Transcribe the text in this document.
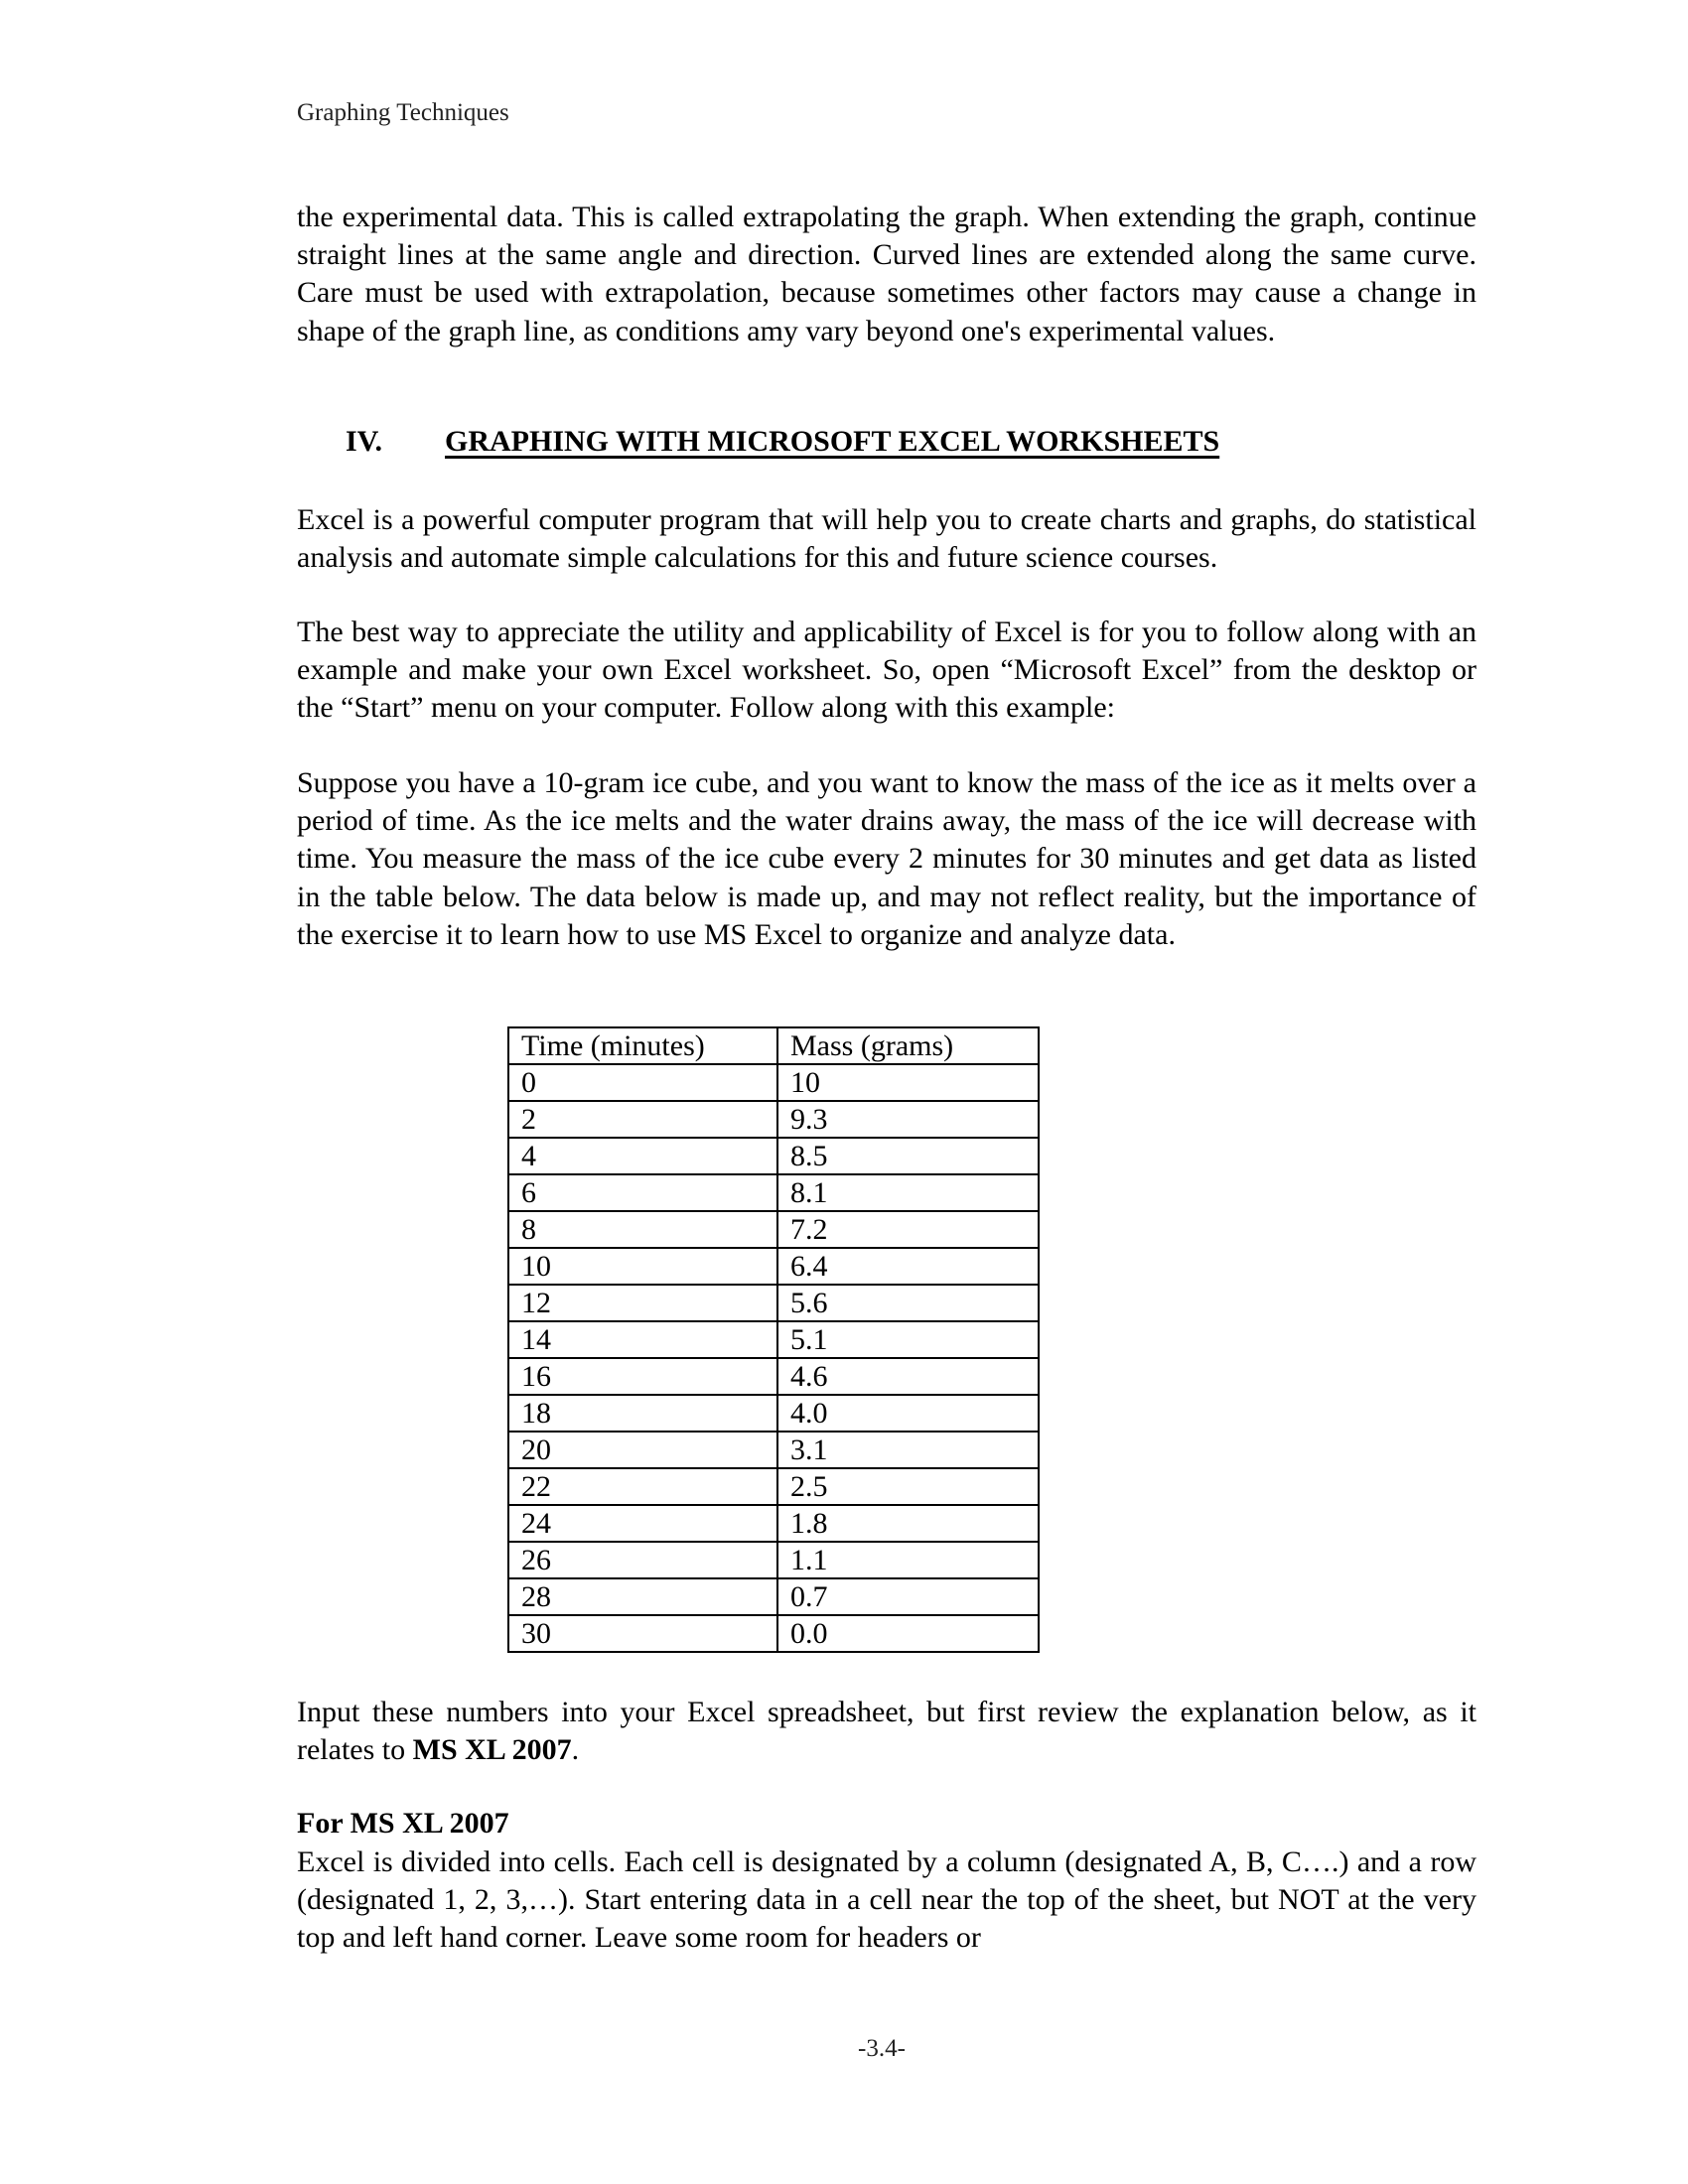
Graphing Techniques

the experimental data. This is called extrapolating the graph. When extending the graph, continue straight lines at the same angle and direction. Curved lines are extended along the same curve. Care must be used with extrapolation, because sometimes other factors may cause a change in shape of the graph line, as conditions amy vary beyond one's experimental values.

IV. GRAPHING WITH MICROSOFT EXCEL WORKSHEETS

Excel is a powerful computer program that will help you to create charts and graphs, do statistical analysis and automate simple calculations for this and future science courses.

The best way to appreciate the utility and applicability of Excel is for you to follow along with an example and make your own Excel worksheet. So, open “Microsoft Excel” from the desktop or the “Start” menu on your computer. Follow along with this example:

Suppose you have a 10-gram ice cube, and you want to know the mass of the ice as it melts over a period of time. As the ice melts and the water drains away, the mass of the ice will decrease with time. You measure the mass of the ice cube every 2 minutes for 30 minutes and get data as listed in the table below. The data below is made up, and may not reflect reality, but the importance of the exercise it to learn how to use MS Excel to organize and analyze data.

Time (minutes)	Mass (grams)
0	10
2	9.3
4	8.5
6	8.1
8	7.2
10	6.4
12	5.6
14	5.1
16	4.6
18	4.0
20	3.1
22	2.5
24	1.8
26	1.1
28	0.7
30	0.0

Input these numbers into your Excel spreadsheet, but first review the explanation below, as it relates to MS XL 2007.

For MS XL 2007

Excel is divided into cells. Each cell is designated by a column (designated A, B, C….) and a row (designated 1, 2, 3,…). Start entering data in a cell near the top of the sheet, but NOT at the very top and left hand corner. Leave some room for headers or

-3.4-
